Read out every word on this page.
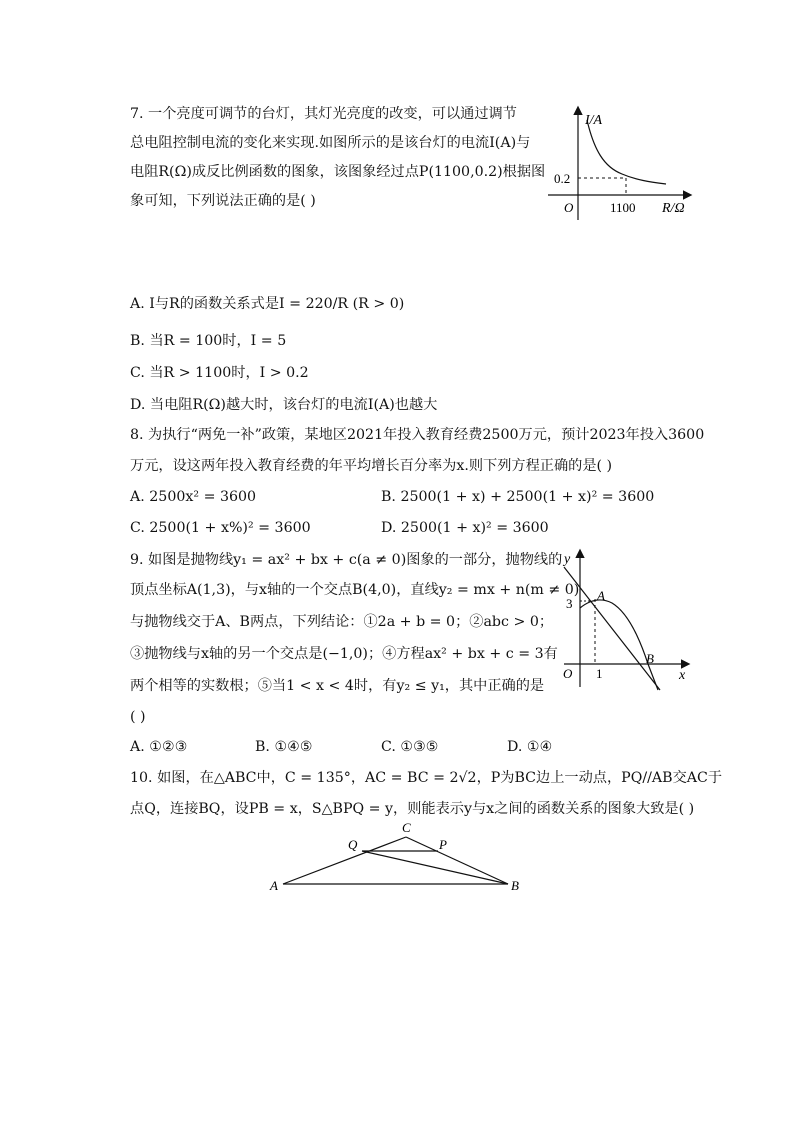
7. 一个亮度可调节的台灯，其灯光亮度的改变，可以通过调节
总电阻控制电流的变化来实现.如图所示的是该台灯的电流I(A)与
电阻R(Ω)成反比例函数的图象，该图象经过点P(1100,0.2)根据图
象可知，下列说法正确的是( )
I/A
0.2
O	1100 R/Ω
A. I与R的函数关系式是I = 220/R (R > 0)
B. 当R = 100时，I = 5
C. 当R > 1100时，I > 0.2
D. 当电阻R(Ω)越大时，该台灯的电流I(A)也越大
8. 为执行“两免一补”政策，某地区2021年投入教育经费2500万元，预计2023年投入3600
万元，设这两年投入教育经费的年平均增长百分率为x.则下列方程正确的是( )
A. 2500x² = 3600	B. 2500(1 + x) + 2500(1 + x)² = 3600
C. 2500(1 + x%)² = 3600	D. 2500(1 + x)² = 3600
9. 如图是抛物线y₁ = ax² + bx + c(a ≠ 0)图象的一部分，抛物线的
顶点坐标A(1,3)，与x轴的一个交点B(4,0)，直线y₂ = mx + n(m ≠ 0)
与抛物线交于A、B两点，下列结论：①2a + b = 0；②abc > 0；
③抛物线与x轴的另一个交点是(−1,0)；④方程ax² + bx + c = 3有
两个相等的实数根；⑤当1 < x < 4时，有y₂ ≤ y₁，其中正确的是
( )
y
3
A
O 1
B
x
A. ①②③	B. ①④⑤	C. ①③⑤	D. ①④
10. 如图，在△ABC中，C = 135°，AC = BC = 2√2，P为BC边上一动点，PQ//AB交AC于
点Q，连接BQ，设PB = x，S△BPQ = y，则能表示y与x之间的函数关系的图象大致是( )
A	B
C
P
Q
